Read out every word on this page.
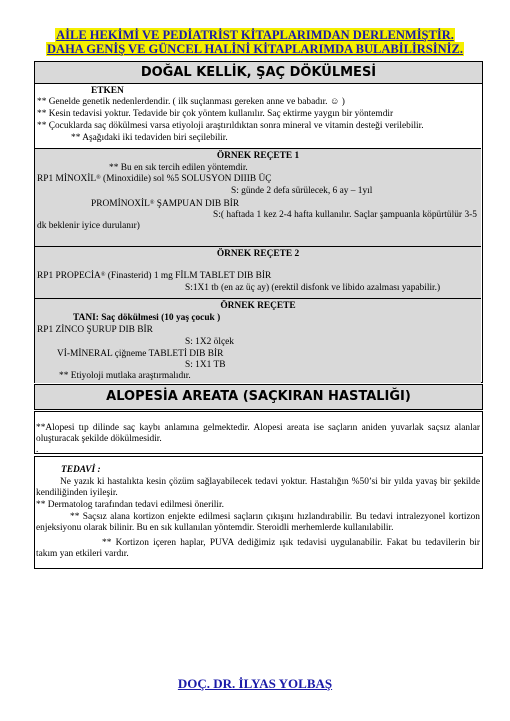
AİLE HEKİMİ VE PEDİATRİST KİTAPLARIMDAN DERLENMİŞTİR.
DAHA GENİŞ VE GÜNCEL HALİNİ KİTAPLARIMDA BULABİLİRSİNİZ.
DOĞAL KELLİK, ŞAÇ DÖKÜLMESİ
ETKEN
** Genelde genetik nedenlerdendir. ( ilk suçlanması gereken anne ve babadır. ☺ )
** Kesin tedavisi yoktur. Tedavide bir çok yöntem kullanılır. Saç ektirme yaygın bir yöntemdir
** Çocuklarda saç dökülmesi varsa etiyoloji araştırıldıktan sonra mineral ve vitamin desteği verilebilir.
** Aşağıdaki iki tedaviden biri seçilebilir.
ÖRNEK REÇETE 1
** Bu en sık tercih edilen yöntemdir.
RP1 MİNOXİL® (Minoxidile) sol %5 SOLUSYON DIIIB ÜÇ
S: günde 2 defa sürülecek, 6 ay – 1yıl
PROMİNOXİL® ŞAMPUAN DIB BİR
S:( haftada 1 kez 2-4 hafta kullanılır. Saçlar şampuanla köpürtülür 3-5 dk beklenir iyice durulanır)
ÖRNEK REÇETE 2
RP1 PROPECİA® (Finasterid) 1 mg FİLM TABLET DIB BİR
S:1X1 tb (en az üç ay) (erektil disfonk ve libido azalması yapabilir.)
ÖRNEK REÇETE
TANI: Saç dökülmesi (10 yaş çocuk )
RP1 ZİNCO ŞURUP DIB BİR
S: 1X2 ölçek
Vİ-MİNERAL çiğneme TABLETİ DIB BİR
S: 1X1 TB
** Etiyoloji mutlaka araştırmalıdır.
ALOPESİA AREATA (SAÇKIRAN HASTALIĞI)
**Alopesi tıp dilinde saç kaybı anlamına gelmektedir. Alopesi areata ise saçların aniden yuvarlak saçsız alanlar oluşturacak şekilde dökülmesidir.
.
TEDAVİ :
Ne yazık ki hastalıkta kesin çözüm sağlayabilecek tedavi yoktur. Hastalığın %50’si bir yılda yavaş bir şekilde kendiliğinden iyileşir.
** Dermatolog tarafından tedavi edilmesi önerilir.
** Saçsız alana kortizon enjekte edilmesi saçların çıkışını hızlandırabilir. Bu tedavi intralezyonel kortizon enjeksiyonu olarak bilinir. Bu en sık kullanılan yöntemdir. Steroidli merhemlerde kullanılabilir.
** Kortizon içeren haplar, PUVA dediğimiz ışık tedavisi uygulanabilir. Fakat bu tedavilerin bir takım yan etkileri vardır.
DOÇ. DR. İLYAS YOLBAŞ
